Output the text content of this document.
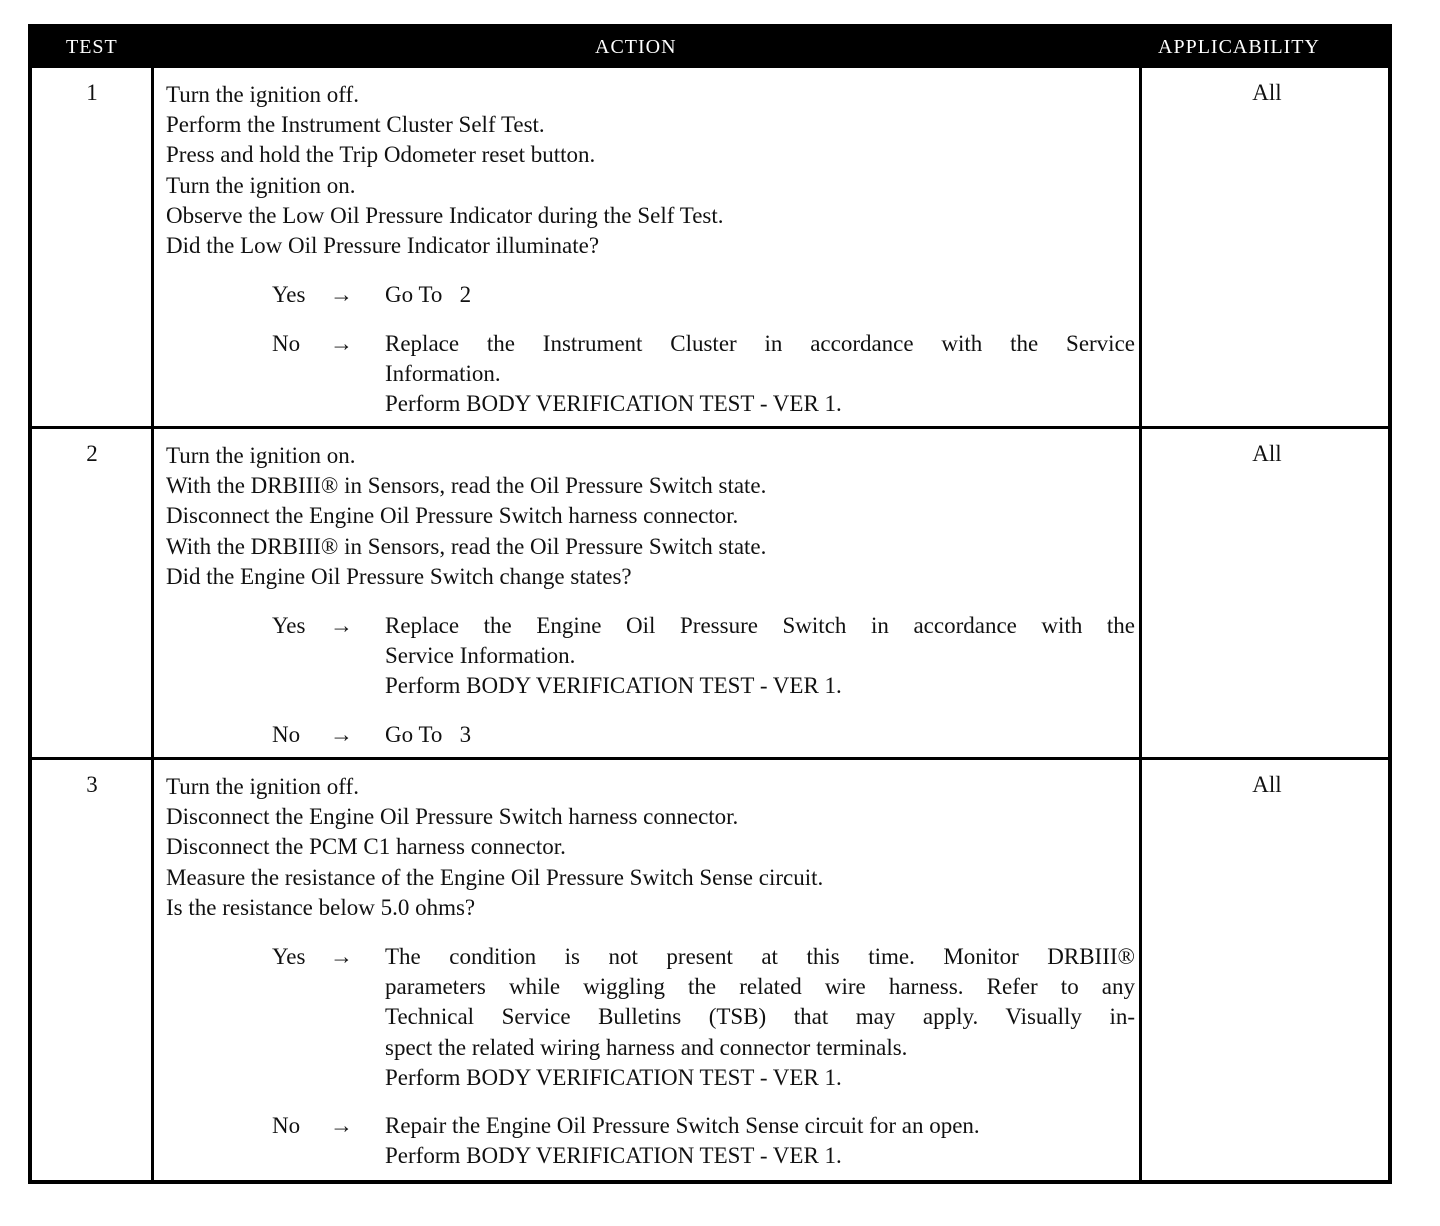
TEST	ACTION	APPLICABILITY
1	Turn the ignition off.
Perform the Instrument Cluster Self Test.
Press and hold the Trip Odometer reset button.
Turn the ignition on.
Observe the Low Oil Pressure Indicator during the Self Test.
Did the Low Oil Pressure Indicator illuminate?
Yes → Go To   2
No → Replace the Instrument Cluster in accordance with the Service
Information.
Perform BODY VERIFICATION TEST - VER 1.
All
2	Turn the ignition on.
With the DRBIII® in Sensors, read the Oil Pressure Switch state.
Disconnect the Engine Oil Pressure Switch harness connector.
With the DRBIII® in Sensors, read the Oil Pressure Switch state.
Did the Engine Oil Pressure Switch change states?
Yes → Replace the Engine Oil Pressure Switch in accordance with the
Service Information.
Perform BODY VERIFICATION TEST - VER 1.
No → Go To   3
All
3	Turn the ignition off.
Disconnect the Engine Oil Pressure Switch harness connector.
Disconnect the PCM C1 harness connector.
Measure the resistance of the Engine Oil Pressure Switch Sense circuit.
Is the resistance below 5.0 ohms?
Yes → The condition is not present at this time. Monitor DRBIII®
parameters while wiggling the related wire harness. Refer to any
Technical Service Bulletins (TSB) that may apply. Visually in-
spect the related wiring harness and connector terminals.
Perform BODY VERIFICATION TEST - VER 1.
No → Repair the Engine Oil Pressure Switch Sense circuit for an open.
Perform BODY VERIFICATION TEST - VER 1.
All
